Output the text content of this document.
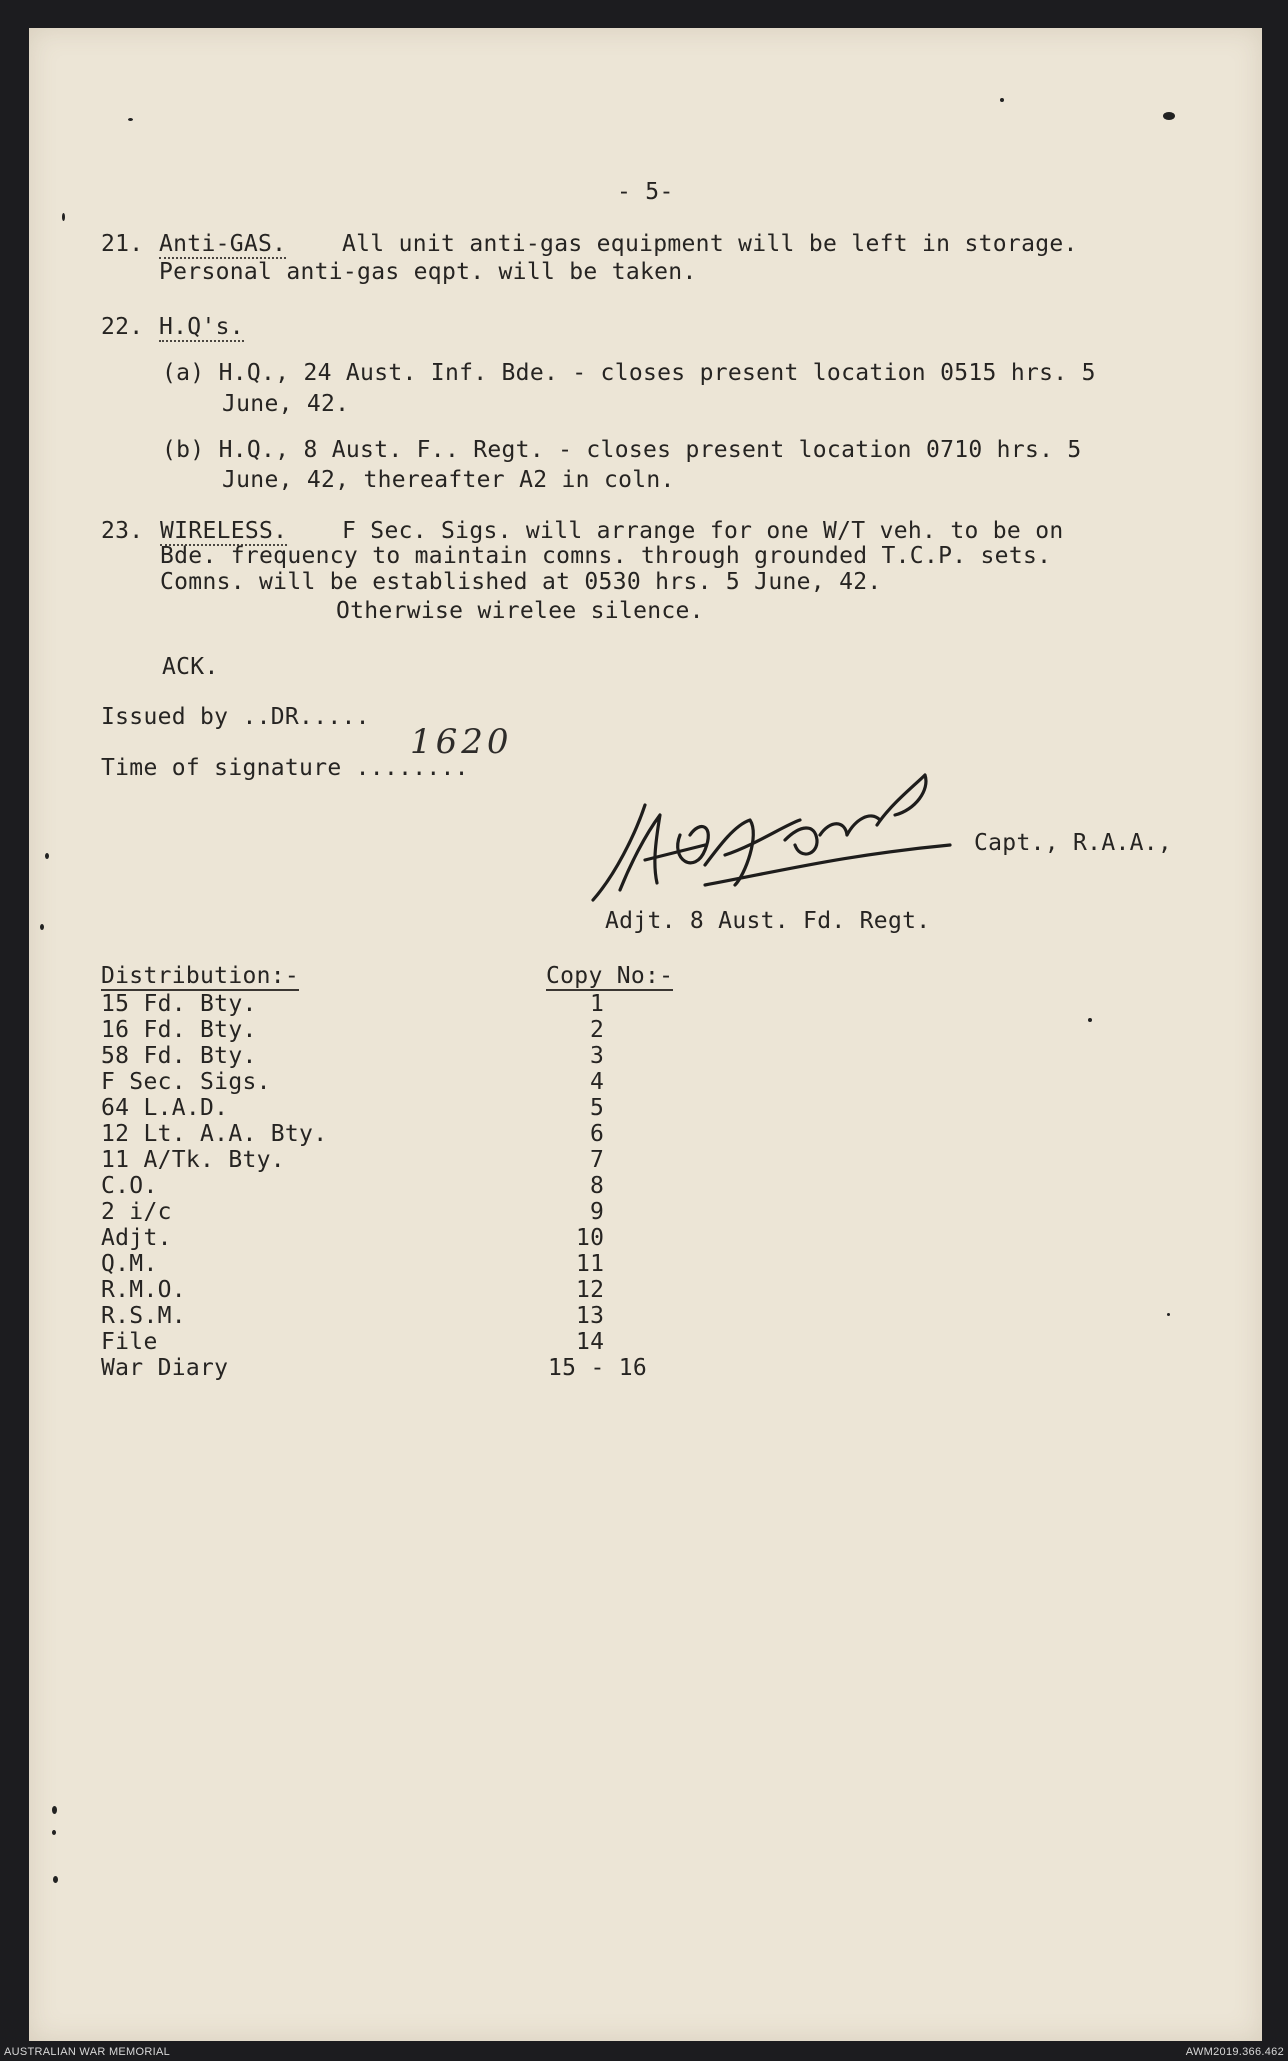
- 5-
21. Anti-GAS. All unit anti-gas equipment will be left in storage.
Personal anti-gas eqpt. will be taken.
22. H.Q's.
(a) H.Q., 24 Aust. Inf. Bde. - closes present location 0515 hrs. 5
June, 42.
(b) H.Q., 8 Aust. F.. Regt. - closes present location 0710 hrs. 5
June, 42, thereafter A2 in coln.
23. WIRELESS. F Sec. Sigs. will arrange for one W/T veh. to be on
Bde. frequency to maintain comns. through grounded T.C.P. sets.
Comns. will be established at 0530 hrs. 5 June, 42.
Otherwise wirelee silence.
ACK.
Issued by ..DR.....
Time of signature ........
1620
Capt., R.A.A.,
Adjt. 8 Aust. Fd. Regt.
Distribution:-	Copy No:-
15 Fd. Bty.	1
16 Fd. Bty.	2
58 Fd. Bty.	3
F Sec. Sigs.	4
64 L.A.D.	5
12 Lt. A.A. Bty.	6
11 A/Tk. Bty.	7
C.O.	8
2 i/c	9
Adjt.	10
Q.M.	11
R.M.O.	12
R.S.M.	13
File	14
War Diary	15 - 16
AUSTRALIAN WAR MEMORIAL	AWM2019.366.462
